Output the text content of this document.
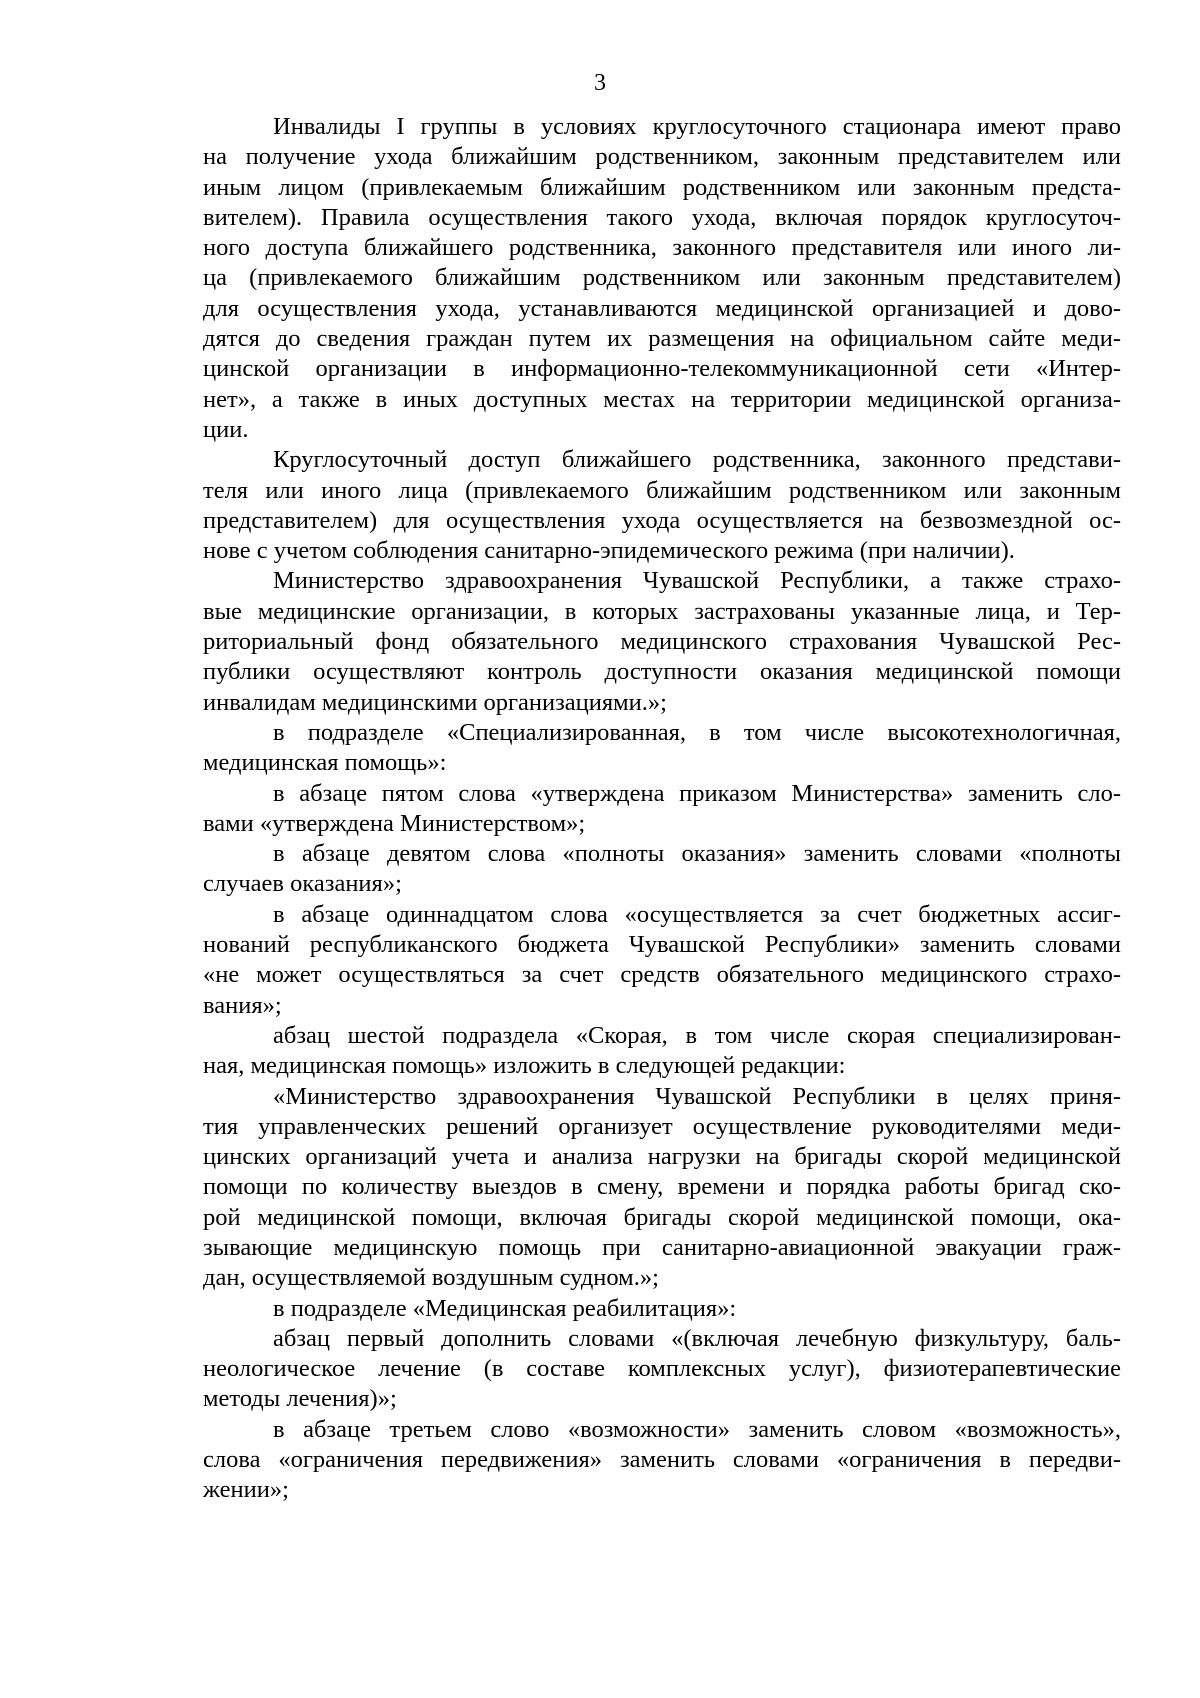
3
Инвалиды I группы в условиях круглосуточного стационара имеют право
на получение ухода ближайшим родственником, законным представителем или
иным лицом (привлекаемым ближайшим родственником или законным предста-
вителем). Правила осуществления такого ухода, включая порядок круглосуточ-
ного доступа ближайшего родственника, законного представителя или иного ли-
ца (привлекаемого ближайшим родственником или законным представителем)
для осуществления ухода, устанавливаются медицинской организацией и дово-
дятся до сведения граждан путем их размещения на официальном сайте меди-
цинской организации в информационно-телекоммуникационной сети «Интер-
нет», а также в иных доступных местах на территории медицинской организа-
ции.
Круглосуточный доступ ближайшего родственника, законного представи-
теля или иного лица (привлекаемого ближайшим родственником или законным
представителем) для осуществления ухода осуществляется на безвозмездной ос-
нове с учетом соблюдения санитарно-эпидемического режима (при наличии).
Министерство здравоохранения Чувашской Республики, а также страхо-
вые медицинские организации, в которых застрахованы указанные лица, и Тер-
риториальный фонд обязательного медицинского страхования Чувашской Рес-
публики осуществляют контроль доступности оказания медицинской помощи
инвалидам медицинскими организациями.»;
в подразделе «Специализированная, в том числе высокотехнологичная,
медицинская помощь»:
в абзаце пятом слова «утверждена приказом Министерства» заменить сло-
вами «утверждена Министерством»;
в абзаце девятом слова «полноты оказания» заменить словами «полноты
случаев оказания»;
в абзаце одиннадцатом слова «осуществляется за счет бюджетных ассиг-
нований республиканского бюджета Чувашской Республики» заменить словами
«не может осуществляться за счет средств обязательного медицинского страхо-
вания»;
абзац шестой подраздела «Скорая, в том числе скорая специализирован-
ная, медицинская помощь» изложить в следующей редакции:
«Министерство здравоохранения Чувашской Республики в целях приня-
тия управленческих решений организует осуществление руководителями меди-
цинских организаций учета и анализа нагрузки на бригады скорой медицинской
помощи по количеству выездов в смену, времени и порядка работы бригад ско-
рой медицинской помощи, включая бригады скорой медицинской помощи, ока-
зывающие медицинскую помощь при санитарно-авиационной эвакуации граж-
дан, осуществляемой воздушным судном.»;
в подразделе «Медицинская реабилитация»:
абзац первый дополнить словами «(включая лечебную физкультуру, баль-
неологическое лечение (в составе комплексных услуг), физиотерапевтические
методы лечения)»;
в абзаце третьем слово «возможности» заменить словом «возможность»,
слова «ограничения передвижения» заменить словами «ограничения в передви-
жении»;
